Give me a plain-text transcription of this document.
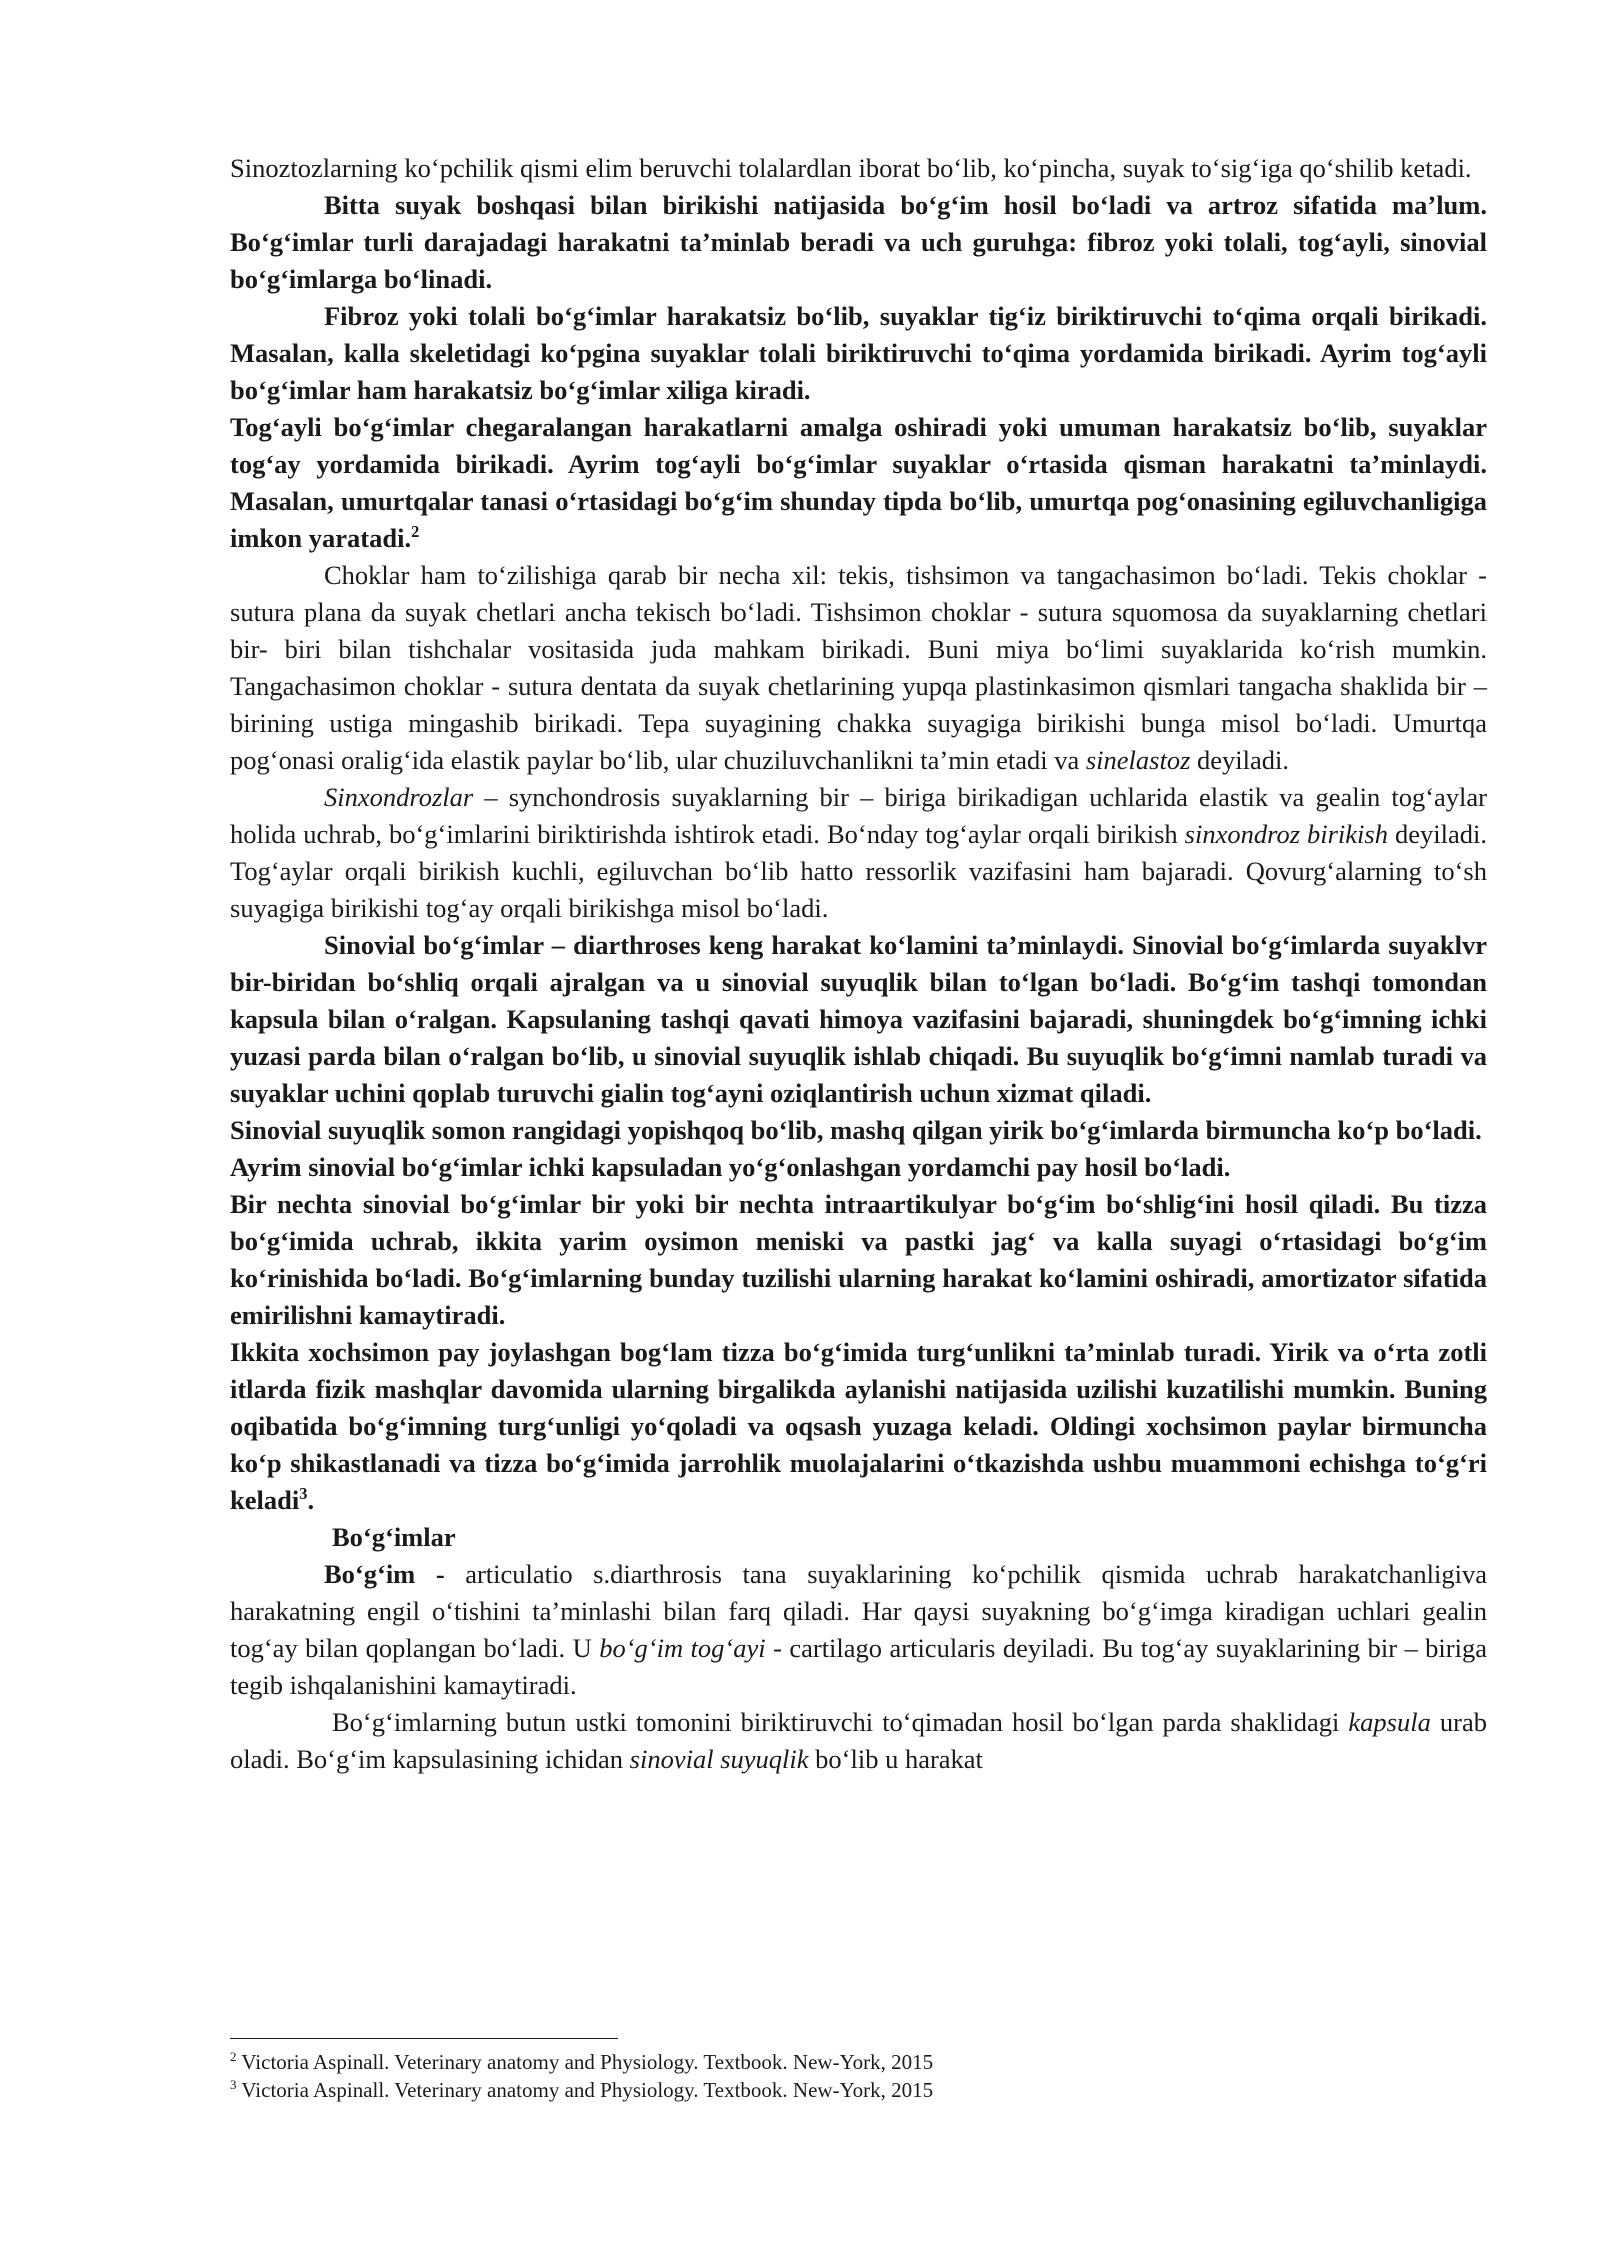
Sinoztozlarning koʻpchilik qismi elim beruvchi tolalardlan iborat boʻlib, koʻpincha, suyak toʻsigʻiga qoʻshilib ketadi.

Bitta suyak boshqasi bilan birikishi natijasida boʻgʻim hosil boʻladi va artroz sifatida maʼlum. Boʻgʻimlar turli darajadagi harakatni taʼminlab beradi va uch guruhga: fibroz yoki tolali, togʻayli, sinovial boʻgʻimlarga boʻlinadi.

Fibroz yoki tolali boʻgʻimlar harakatsiz boʻlib, suyaklar tigʻiz biriktiruvchi toʻqima orqali birikadi. Masalan, kalla skeletidagi koʻpgina suyaklar tolali biriktiruvchi toʻqima yordamida birikadi. Ayrim togʻayli boʻgʻimlar ham harakatsiz boʻgʻimlar xiliga kiradi.

Togʻayli boʻgʻimlar chegaralangan harakatlarni amalga oshiradi yoki umuman harakatsiz boʻlib, suyaklar togʻay yordamida birikadi. Ayrim togʻayli boʻgʻimlar suyaklar oʻrtasida qisman harakatni taʼminlaydi. Masalan, umurtqalar tanasi oʻrtasidagi boʻgʻim shunday tipda boʻlib, umurtqa pogʻonasining egiluvchanligiga imkon yaratadi.$^2$

Choklar ham toʻzilishiga qarab bir necha xil: tekis, tishsimon va tangachasimon boʻladi. Tekis choklar - sutura plana da suyak chetlari ancha tekisch boʻladi. Tishsimon choklar - sutura squomosa da suyaklarning chetlari bir- biri bilan tishchalar vositasida juda mahkam birikadi. Buni miya boʻlimi suyaklarida koʻrish mumkin. Tangachasimon choklar - sutura dentata da suyak chetlarining yupqa plastinkasimon qismlari tangacha shaklida bir – birining ustiga mingashib birikadi. Tepa suyagining chakka suyagiga birikishi bunga misol boʻladi. Umurtqa pogʻonasi oraligʻida elastik paylar boʻlib, ular chuziluvchanlikni taʼmin etadi va sinelastoz deyiladi.

Sinxondrozlar – synchondrosis suyaklarning bir – biriga birikadigan uchlarida elastik va gealin togʻaylar holida uchrab, boʻgʻimlarini biriktirishda ishtirok etadi. Boʻnday togʻaylar orqali birikish sinxondroz birikish deyiladi. Togʻaylar orqali birikish kuchli, egiluvchan boʻlib hatto ressorlik vazifasini ham bajaradi. Qovurgʻalarning toʻsh suyagiga birikishi togʻay orqali birikishga misol boʻladi.

Sinovial boʻgʻimlar – diarthroses keng harakat koʻlamini taʼminlaydi. Sinovial boʻgʻimlarda suyaklvr bir-biridan boʻshliq orqali ajralgan va u sinovial suyuqlik bilan toʻlgan boʻladi. Boʻgʻim tashqi tomondan kapsula bilan oʻralgan. Kapsulaning tashqi qavati himoya vazifasini bajaradi, shuningdek boʻgʻimning ichki yuzasi parda bilan oʻralgan boʻlib, u sinovial suyuqlik ishlab chiqadi. Bu suyuqlik boʻgʻimni namlab turadi va suyaklar uchini qoplab turuvchi gialin togʻayni oziqlantirish uchun xizmat qiladi.

Sinovial suyuqlik somon rangidagi yopishqoq boʻlib, mashq qilgan yirik boʻgʻimlarda birmuncha koʻp boʻladi.

Ayrim sinovial boʻgʻimlar ichki kapsuladan yoʻgʻonlashgan yordamchi pay hosil boʻladi.

Bir nechta sinovial boʻgʻimlar bir yoki bir nechta intraartikulyar boʻgʻim boʻshligʻini hosil qiladi. Bu tizza boʻgʻimida uchrab, ikkita yarim oysimon meniski va pastki jagʻ va kalla suyagi oʻrtasidagi boʻgʻim koʻrinishida boʻladi. Boʻgʻimlarning bunday tuzilishi ularning harakat koʻlamini oshiradi, amortizator sifatida emirilishni kamaytiradi.

Ikkita xochsimon pay joylashgan bogʻlam tizza boʻgʻimida turgʻunlikni taʼminlab turadi. Yirik va oʻrta zotli itlarda fizik mashqlar davomida ularning birgalikda aylanishi natijasida uzilishi kuzatilishi mumkin. Buning oqibatida boʻgʻimning turgʻunligi yoʻqoladi va oqsash yuzaga keladi. Oldingi xochsimon paylar birmuncha koʻp shikastlanadi va tizza boʻgʻimida jarrohlik muolajalarini oʻtkazishda ushbu muammoni echishga toʻgʻri keladi$^3$.

Boʻgʻimlar

Boʻgʻim - articulatio s.diarthrosis tana suyaklarining koʻpchilik qismida uchrab harakatchanligiva harakatning engil oʻtishini taʼminlashi bilan farq qiladi. Har qaysi suyakning boʻgʻimga kiradigan uchlari gealin togʻay bilan qoplangan boʻladi. U boʻgʻim togʻayi - cartilago articularis deyiladi. Bu togʻay suyaklarining bir – biriga tegib ishqalanishini kamaytiradi.

Boʻgʻimlarning butun ustki tomonini biriktiruvchi toʻqimadan hosil boʻlgan parda shaklidagi kapsula urab oladi. Boʻgʻim kapsulasining ichidan sinovial suyuqlik boʻlib u harakat

$^2$ Victoria Aspinall. Veterinary anatomy and Physiology. Textbook. New-York, 2015

$^3$ Victoria Aspinall. Veterinary anatomy and Physiology. Textbook. New-York, 2015
